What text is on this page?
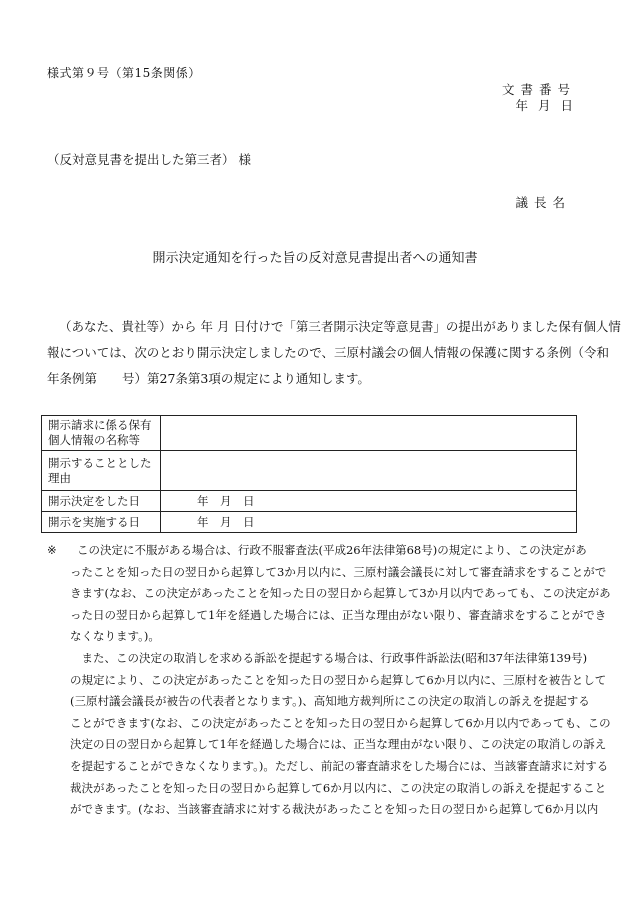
様式第９号（第15条関係）
文書番号
年 月 日
（反対意見書を提出した第三者） 様
議長名
開示決定通知を行った旨の反対意見書提出者への通知書
（あなた、貴社等）から 年 月 日付けで「第三者開示決定等意見書」の提出がありました保有個人情
報については、次のとおり開示決定しましたので、三原村議会の個人情報の保護に関する条例（令和
年条例第　　号）第27条第3項の規定により通知します。
開示請求に係る保有個人情報の名称等	
開示することとした理由	
開示決定をした日	年　月　日
開示を実施する日	年　月　日
※	この決定に不服がある場合は、行政不服審査法(平成26年法律第68号)の規定により、この決定があ
ったことを知った日の翌日から起算して3か月以内に、三原村議会議長に対して審査請求をすることがで
きます(なお、この決定があったことを知った日の翌日から起算して3か月以内であっても、この決定があ
った日の翌日から起算して1年を経過した場合には、正当な理由がない限り、審査請求をすることができ
なくなります。)。
　また、この決定の取消しを求める訴訟を提起する場合は、行政事件訴訟法(昭和37年法律第139号)
の規定により、この決定があったことを知った日の翌日から起算して6か月以内に、三原村を被告として
(三原村議会議長が被告の代表者となります。)、高知地方裁判所にこの決定の取消しの訴えを提起する
ことができます(なお、この決定があったことを知った日の翌日から起算して6か月以内であっても、この
決定の日の翌日から起算して1年を経過した場合には、正当な理由がない限り、この決定の取消しの訴え
を提起することができなくなります。)。ただし、前記の審査請求をした場合には、当該審査請求に対する
裁決があったことを知った日の翌日から起算して6か月以内に、この決定の取消しの訴えを提起すること
ができます。(なお、当該審査請求に対する裁決があったことを知った日の翌日から起算して6か月以内
